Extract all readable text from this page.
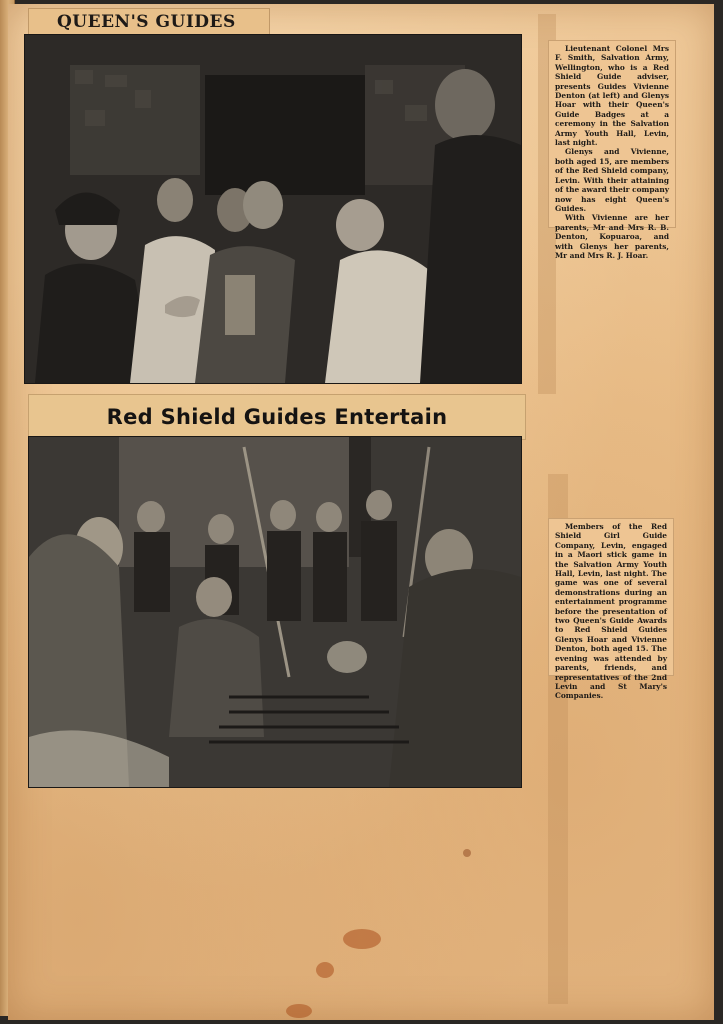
QUEEN'S GUIDES

Lieutenant Colonel Mrs F. Smith, Salvation Army, Wellington, who is a Red Shield Guide adviser, presents Guides Vivienne Denton (at left) and Glenys Hoar with their Queen's Guide Badges at a ceremony in the Salvation Army Youth Hall, Levin, last night.

Glenys and Vivienne, both aged 15, are members of the Red Shield company, Levin. With their attaining of the award their company now has eight Queen's Guides.

With Vivienne are her parents, Mr and Mrs R. B. Denton, Kopuaroa, and with Glenys her parents, Mr and Mrs R. J. Hoar.

Red Shield Guides Entertain

Members of the Red Shield Girl Guide Company, Levin, engaged in a Maori stick game in the Salvation Army Youth Hall, Levin, last night. The game was one of several demonstrations during an entertainment programme before the presentation of two Queen's Guide Awards to Red Shield Guides Glenys Hoar and Vivienne Denton, both aged 15. The evening was attended by parents, friends, and representatives of the 2nd Levin and St Mary's Companies.
